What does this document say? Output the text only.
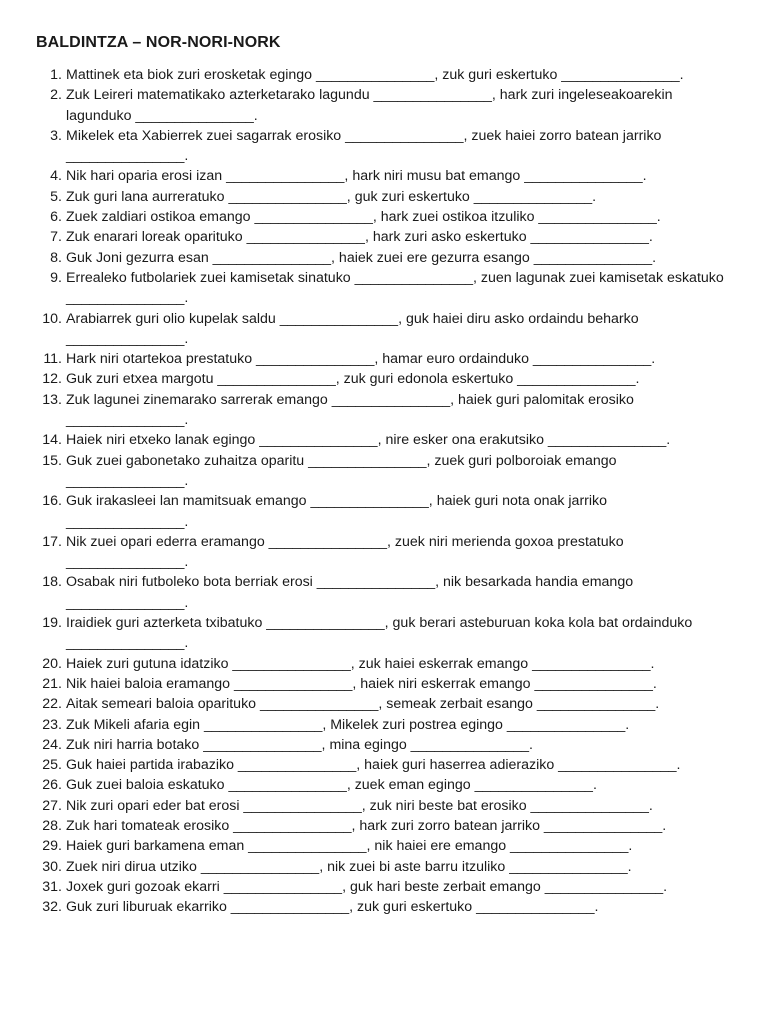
BALDINTZA – NOR-NORI-NORK
1. Mattinek eta biok zuri erosketak egingo _______________, zuk guri eskertuko _______________.
2. Zuk Leireri matematikako azterketarako lagundu _______________, hark zuri ingeleseakoarekin lagunduko _______________.
3. Mikelek eta Xabierrek zuei sagarrak erosiko _______________, zuek haiei zorro batean jarriko _______________.
4. Nik hari oparia erosi izan _______________, hark niri musu bat emango _______________.
5. Zuk guri lana aurreratuko _______________, guk zuri eskertuko _______________.
6. Zuek zaldiari ostikoa emango _______________, hark zuei ostikoa itzuliko _______________.
7. Zuk enarari loreak oparituko _______________, hark zuri asko eskertuko _______________.
8. Guk Joni gezurra esan _______________, haiek zuei ere gezurra esango _______________.
9. Errealeko futbolariek zuei kamisetak sinatuko _______________, zuen lagunak zuei kamisetak eskatuko _______________.
10. Arabiarrek guri olio kupelak saldu _______________, guk haiei diru asko ordaindu beharko _______________.
11. Hark niri otartekoa prestatuko _______________, hamar euro ordainduko _______________.
12. Guk zuri etxea margotu _______________, zuk guri edonola eskertuko _______________.
13. Zuk lagunei zinemarako sarrerak emango _______________, haiek guri palomitak erosiko _______________.
14. Haiek niri etxeko lanak egingo _______________, nire esker ona erakutsiko _______________.
15. Guk zuei gabonetako zuhaitza oparitu _______________, zuek guri polboroiak emango _______________.
16. Guk irakasleei lan mamitsuak emango _______________, haiek guri nota onak jarriko _______________.
17. Nik zuei opari ederra eramango _______________, zuek niri merienda goxoa prestatuko _______________.
18. Osabak niri futboleko bota berriak erosi _______________, nik besarkada handia emango _______________.
19. Iraidiek guri azterketa txibatuko _______________, guk berari asteburuan koka kola bat ordainduko _______________.
20. Haiek zuri gutuna idatziko _______________, zuk haiei eskerrak emango _______________.
21. Nik haiei baloia eramango _______________, haiek niri eskerrak emango _______________.
22. Aitak semeari baloia oparituko _______________, semeak zerbait esango _______________.
23. Zuk Mikeli afaria egin _______________, Mikelek zuri postrea egingo _______________.
24. Zuk niri harria botako _______________, mina egingo _______________.
25. Guk haiei partida irabaziko _______________, haiek guri haserrea adieraziko _______________.
26. Guk zuei baloia eskatuko _______________, zuek eman egingo _______________.
27. Nik zuri opari eder bat erosi _______________, zuk niri beste bat erosiko _______________.
28. Zuk hari tomateak erosiko _______________, hark zuri zorro batean jarriko _______________.
29. Haiek guri barkamena eman _______________, nik haiei ere emango _______________.
30. Zuek niri dirua utziko _______________, nik zuei bi aste barru itzuliko _______________.
31. Joxek guri gozoak ekarri _______________, guk hari beste zerbait emango _______________.
32. Guk zuri liburuak ekarriko _______________, zuk guri eskertuko _______________.
